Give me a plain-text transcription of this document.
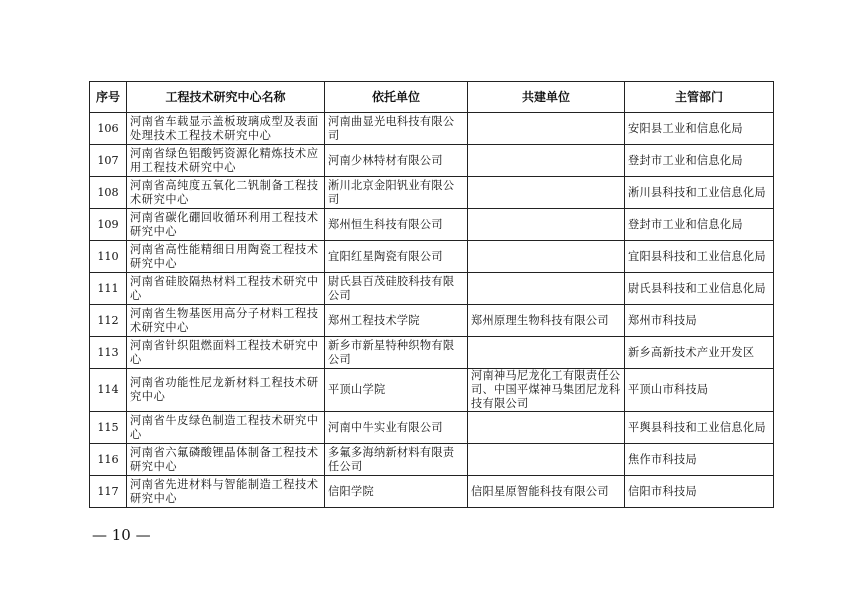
序号	工程技术研究中心名称	依托单位	共建单位	主管部门
106	河南省车载显示盖板玻璃成型及表面处理技术工程技术研究中心	河南曲显光电科技有限公司		安阳县工业和信息化局
107	河南省绿色铝酸钙资源化精炼技术应用工程技术研究中心	河南少林特材有限公司		登封市工业和信息化局
108	河南省高纯度五氧化二钒制备工程技术研究中心	淅川北京金阳钒业有限公司		淅川县科技和工业信息化局
109	河南省碳化硼回收循环利用工程技术研究中心	郑州恒生科技有限公司		登封市工业和信息化局
110	河南省高性能精细日用陶瓷工程技术研究中心	宜阳红星陶瓷有限公司		宜阳县科技和工业信息化局
111	河南省硅胶隔热材料工程技术研究中心	尉氏县百茂硅胶科技有限公司		尉氏县科技和工业信息化局
112	河南省生物基医用高分子材料工程技术研究中心	郑州工程技术学院	郑州原理生物科技有限公司	郑州市科技局
113	河南省针织阻燃面料工程技术研究中心	新乡市新星特种织物有限公司		新乡高新技术产业开发区
114	河南省功能性尼龙新材料工程技术研究中心	平顶山学院	河南神马尼龙化工有限责任公司、中国平煤神马集团尼龙科技有限公司	平顶山市科技局
115	河南省牛皮绿色制造工程技术研究中心	河南中牛实业有限公司		平舆县科技和工业信息化局
116	河南省六氟磷酸锂晶体制备工程技术研究中心	多氟多海纳新材料有限责任公司		焦作市科技局
117	河南省先进材料与智能制造工程技术研究中心	信阳学院	信阳星原智能科技有限公司	信阳市科技局
— 10 —
